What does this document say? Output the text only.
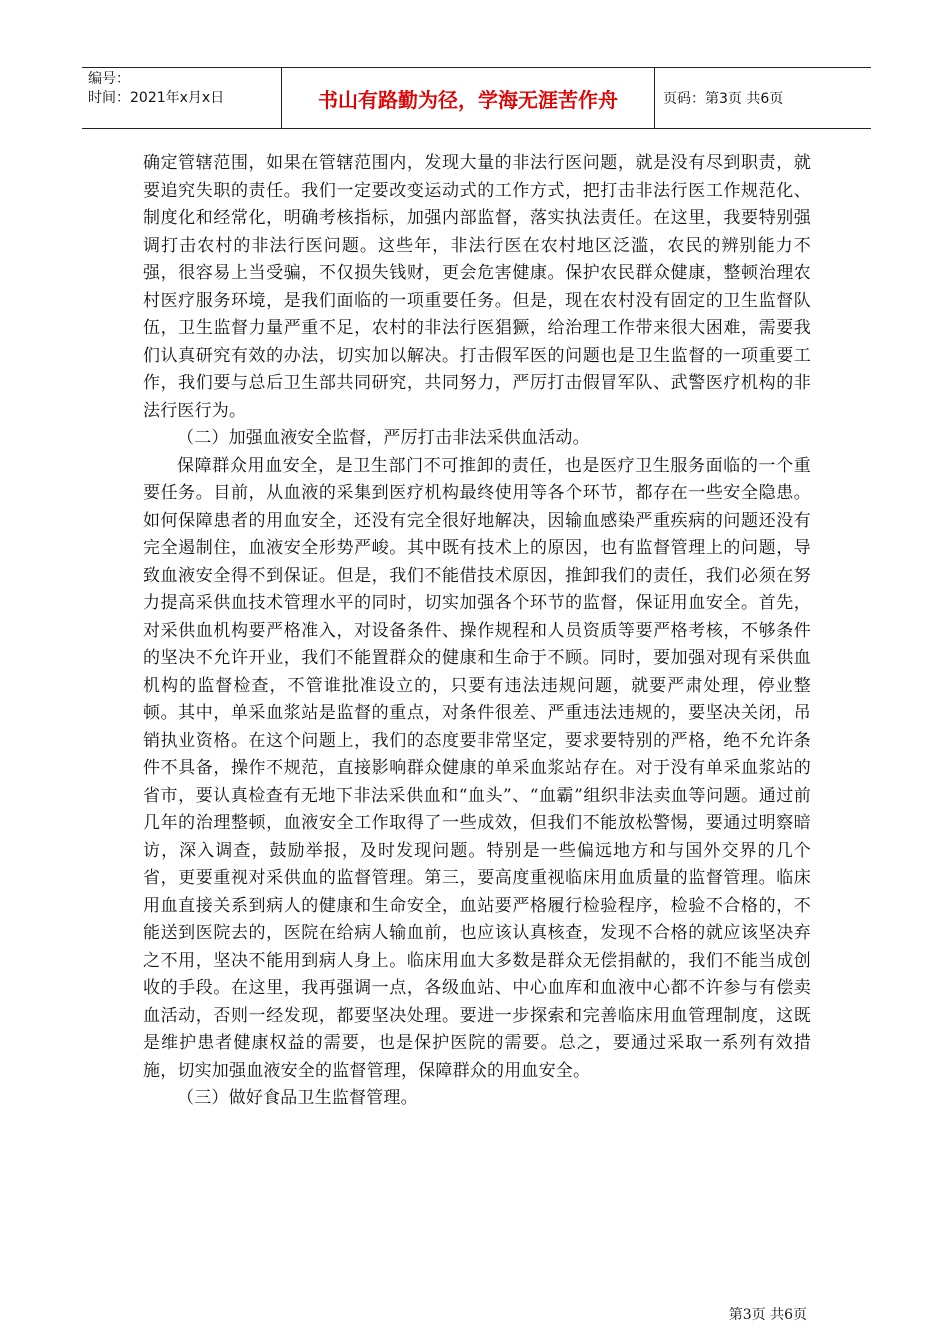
编号：
时间：2021年x月x日	书山有路勤为径，学海无涯苦作舟	页码：第3页 共6页

确定管辖范围，如果在管辖范围内，发现大量的非法行医问题，就是没有尽到职责，就要追究失职的责任。我们一定要改变运动式的工作方式，把打击非法行医工作规范化、制度化和经常化，明确考核指标，加强内部监督，落实执法责任。在这里，我要特别强调打击农村的非法行医问题。这些年，非法行医在农村地区泛滥，农民的辨别能力不强，很容易上当受骗，不仅损失钱财，更会危害健康。保护农民群众健康，整顿治理农村医疗服务环境，是我们面临的一项重要任务。但是，现在农村没有固定的卫生监督队伍，卫生监督力量严重不足，农村的非法行医猖獗，给治理工作带来很大困难，需要我们认真研究有效的办法，切实加以解决。打击假军医的问题也是卫生监督的一项重要工作，我们要与总后卫生部共同研究，共同努力，严厉打击假冒军队、武警医疗机构的非法行医行为。

（二）加强血液安全监督，严厉打击非法采供血活动。

保障群众用血安全，是卫生部门不可推卸的责任，也是医疗卫生服务面临的一个重要任务。目前，从血液的采集到医疗机构最终使用等各个环节，都存在一些安全隐患。如何保障患者的用血安全，还没有完全很好地解决，因输血感染严重疾病的问题还没有完全遏制住，血液安全形势严峻。其中既有技术上的原因，也有监督管理上的问题，导致血液安全得不到保证。但是，我们不能借技术原因，推卸我们的责任，我们必须在努力提高采供血技术管理水平的同时，切实加强各个环节的监督，保证用血安全。首先，对采供血机构要严格准入，对设备条件、操作规程和人员资质等要严格考核，不够条件的坚决不允许开业，我们不能置群众的健康和生命于不顾。同时，要加强对现有采供血机构的监督检查，不管谁批准设立的，只要有违法违规问题，就要严肃处理，停业整顿。其中，单采血浆站是监督的重点，对条件很差、严重违法违规的，要坚决关闭，吊销执业资格。在这个问题上，我们的态度要非常坚定，要求要特别的严格，绝不允许条件不具备，操作不规范，直接影响群众健康的单采血浆站存在。对于没有单采血浆站的省市，要认真检查有无地下非法采供血和“血头”、“血霸”组织非法卖血等问题。通过前几年的治理整顿，血液安全工作取得了一些成效，但我们不能放松警惕，要通过明察暗访，深入调查，鼓励举报，及时发现问题。特别是一些偏远地方和与国外交界的几个省，更要重视对采供血的监督管理。第三，要高度重视临床用血质量的监督管理。临床用血直接关系到病人的健康和生命安全，血站要严格履行检验程序，检验不合格的，不能送到医院去的，医院在给病人输血前，也应该认真核查，发现不合格的就应该坚决弃之不用，坚决不能用到病人身上。临床用血大多数是群众无偿捐献的，我们不能当成创收的手段。在这里，我再强调一点，各级血站、中心血库和血液中心都不许参与有偿卖血活动，否则一经发现，都要坚决处理。要进一步探索和完善临床用血管理制度，这既是维护患者健康权益的需要，也是保护医院的需要。总之，要通过采取一系列有效措施，切实加强血液安全的监督管理，保障群众的用血安全。

（三）做好食品卫生监督管理。

第3页 共6页
